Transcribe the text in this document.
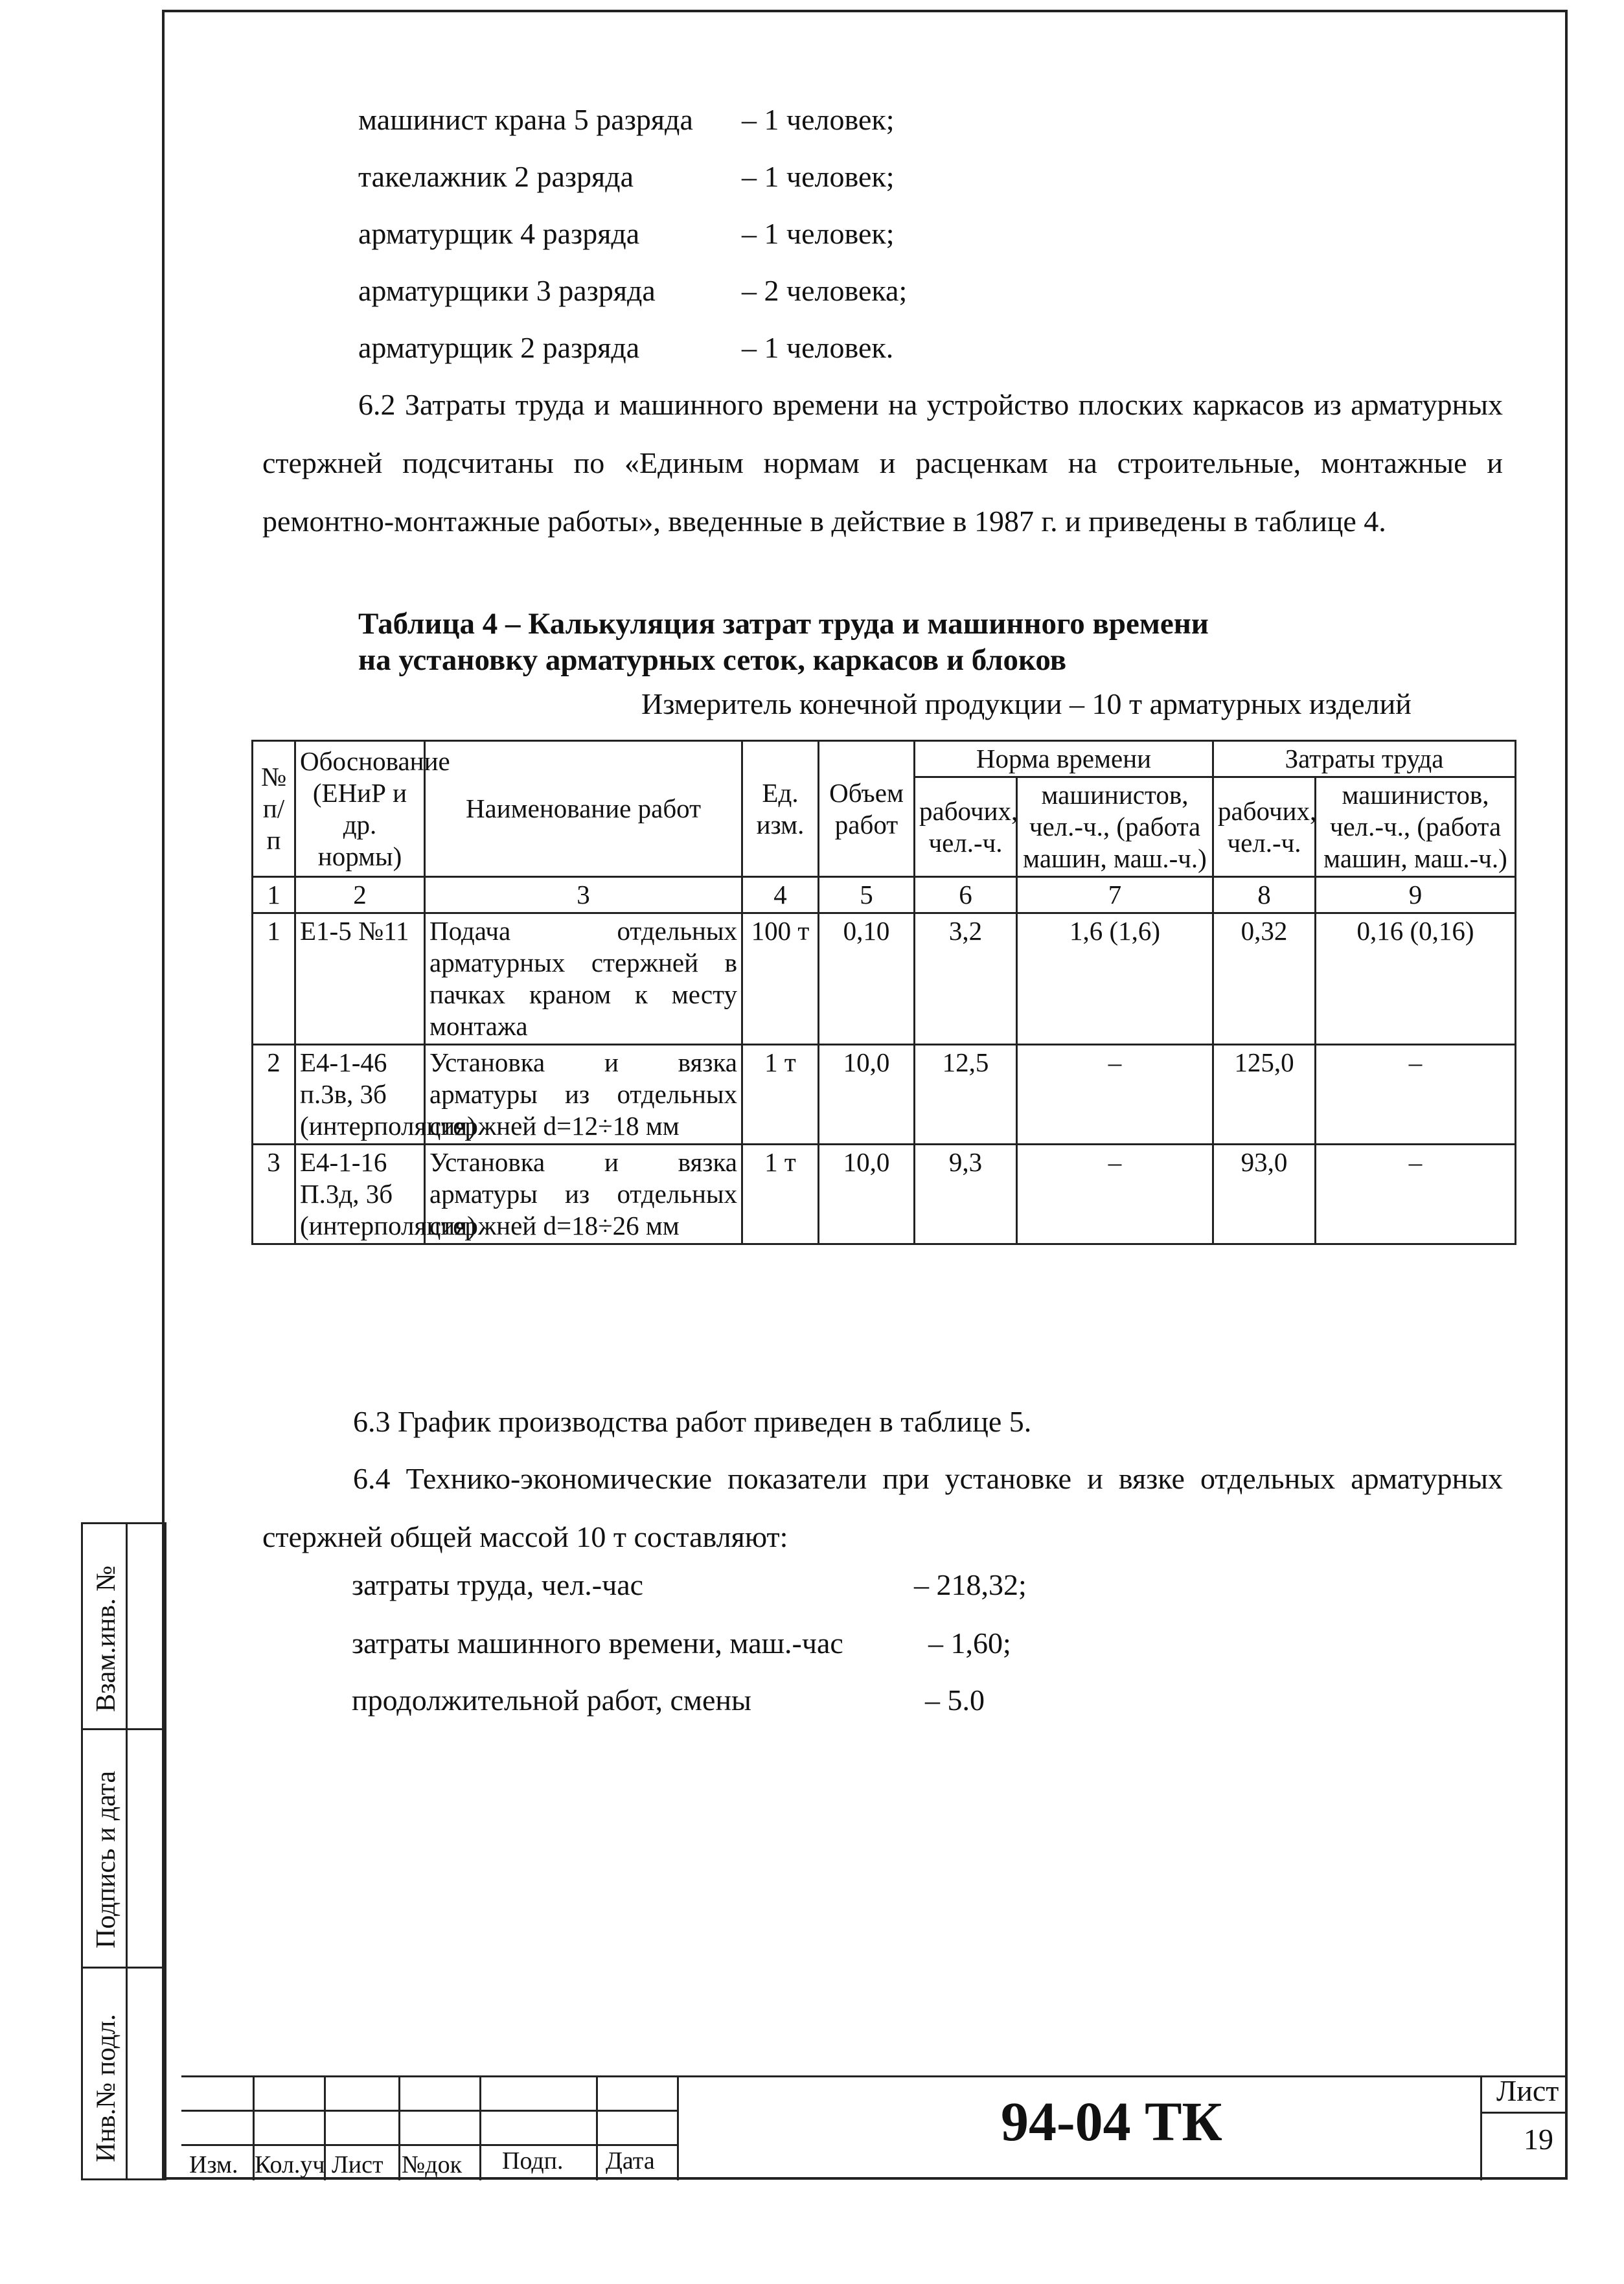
машинист крана 5 разряда – 1 человек;
такелажник 2 разряда	– 1 человек;
арматурщик 4 разряда	– 1 человек;
арматурщики 3 разряда	– 2 человека;
арматурщик 2 разряда	– 1 человек.

6.2 Затраты труда и машинного времени на устройство плоских каркасов из арматурных стержней подсчитаны по «Единым нормам и расценкам на строительные, монтажные и ремонтно-монтажные работы», введенные в действие в 1987 г. и приведены в таблице 4.

Таблица 4 – Калькуляция затрат труда и машинного времени
на установку арматурных сеток, каркасов и блоков
Измеритель конечной продукции – 10 т арматурных изделий
№ п/п	Обоснование (ЕНиР и др. нормы)	Наименование работ	Ед. изм.	Объем работ	Норма времени		Затраты труда	
					рабочих, чел.-ч.	машинистов, чел.-ч., (работа машин, маш.-ч.)	рабочих, чел.-ч.	машинистов, чел.-ч., (работа машин, маш.-ч.)
1	2	3	4	5	6	7	8	9
1	Е1-5 №11	Подача отдельных арматурных стержней в пачках краном к месту монтажа	100 т	0,10	3,2	1,6 (1,6)	0,32	0,16 (0,16)
2	Е4-1-46 п.3в, 3б (интерполяция)	Установка и вязка арматуры из отдельных стержней d=12÷18 мм	1 т	10,0	12,5	–	125,0	–
3	Е4-1-16 П.3д, 3б (интерполяция)	Установка и вязка арматуры из отдельных стержней d=18÷26 мм	1 т	10,0	9,3	–	93,0	–

6.3 График производства работ приведен в таблице 5.

6.4 Технико-экономические показатели при установке и вязке отдельных арматурных стержней общей массой 10 т составляют:

затраты труда, чел.-час	– 218,32;
затраты машинного времени, маш.-час	– 1,60;
продолжительной работ, смены	– 5.0
Взам.инв. №
Подпись и дата
Инв.№ подл.
Изм. Кол.уч Лист №док Подп. Дата
94-04 ТК	Лист
19
